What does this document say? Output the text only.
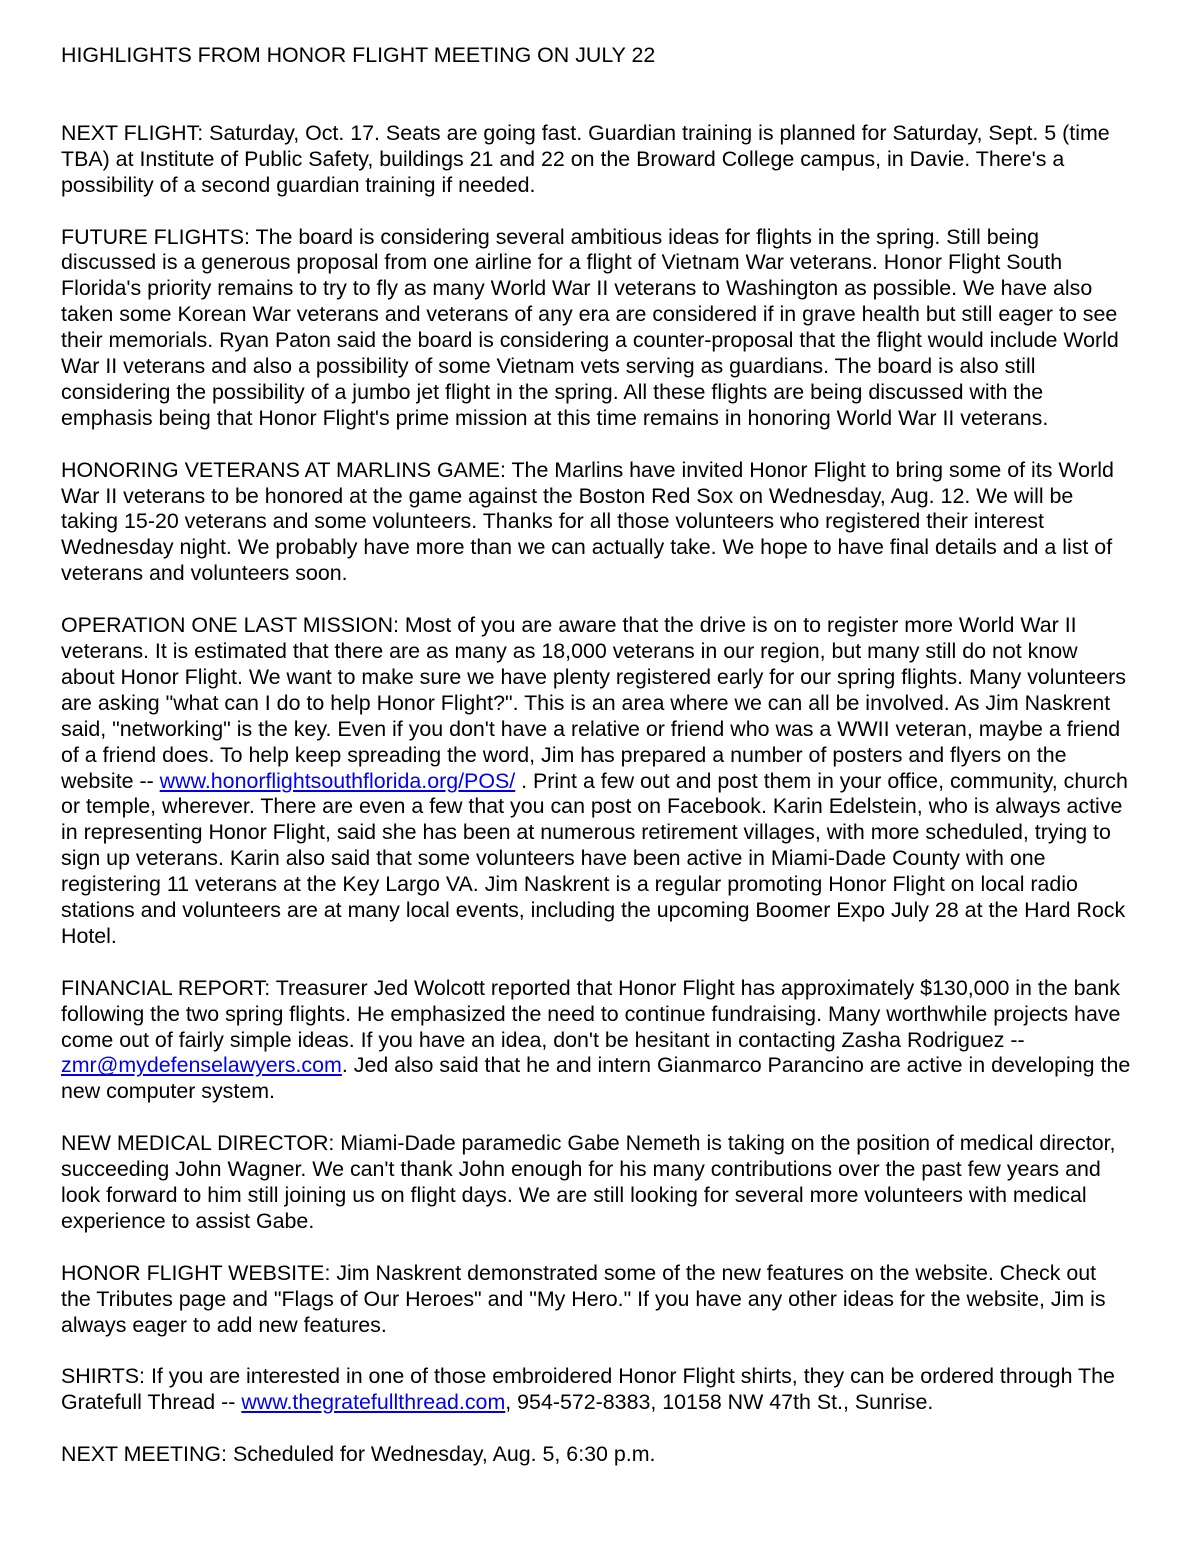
HIGHLIGHTS FROM HONOR FLIGHT MEETING ON JULY 22

NEXT FLIGHT: Saturday, Oct. 17. Seats are going fast. Guardian training is planned for Saturday, Sept. 5 (time TBA) at Institute of Public Safety, buildings 21 and 22 on the Broward College campus, in Davie. There's a possibility of a second guardian training if needed.

FUTURE FLIGHTS: The board is considering several ambitious ideas for flights in the spring. Still being discussed is a generous proposal from one airline for a flight of Vietnam War veterans. Honor Flight South Florida's priority remains to try to fly as many World War II veterans to Washington as possible. We have also taken some Korean War veterans and veterans of any era are considered if in grave health but still eager to see their memorials. Ryan Paton said the board is considering a counter-proposal that the flight would include World War II veterans and also a possibility of some Vietnam vets serving as guardians. The board is also still considering the possibility of a jumbo jet flight in the spring. All these flights are being discussed with the emphasis being that Honor Flight's prime mission at this time remains in honoring World War II veterans.

HONORING VETERANS AT MARLINS GAME: The Marlins have invited Honor Flight to bring some of its World War II veterans to be honored at the game against the Boston Red Sox on Wednesday, Aug. 12. We will be taking 15-20 veterans and some volunteers. Thanks for all those volunteers who registered their interest Wednesday night. We probably have more than we can actually take. We hope to have final details and a list of veterans and volunteers soon.

OPERATION ONE LAST MISSION: Most of you are aware that the drive is on to register more World War II veterans. It is estimated that there are as many as 18,000 veterans in our region, but many still do not know about Honor Flight. We want to make sure we have plenty registered early for our spring flights. Many volunteers are asking "what can I do to help Honor Flight?". This is an area where we can all be involved. As Jim Naskrent said, "networking" is the key. Even if you don't have a relative or friend who was a WWII veteran, maybe a friend of a friend does. To help keep spreading the word, Jim has prepared a number of posters and flyers on the website -- www.honorflightsouthflorida.org/POS/ . Print a few out and post them in your office, community, church or temple, wherever. There are even a few that you can post on Facebook. Karin Edelstein, who is always active in representing Honor Flight, said she has been at numerous retirement villages, with more scheduled, trying to sign up veterans. Karin also said that some volunteers have been active in Miami-Dade County with one registering 11 veterans at the Key Largo VA. Jim Naskrent is a regular promoting Honor Flight on local radio stations and volunteers are at many local events, including the upcoming Boomer Expo July 28 at the Hard Rock Hotel.

FINANCIAL REPORT: Treasurer Jed Wolcott reported that Honor Flight has approximately $130,000 in the bank following the two spring flights. He emphasized the need to continue fundraising. Many worthwhile projects have come out of fairly simple ideas. If you have an idea, don't be hesitant in contacting Zasha Rodriguez -- zmr@mydefenselawyers.com. Jed also said that he and intern Gianmarco Parancino are active in developing the new computer system.

NEW MEDICAL DIRECTOR: Miami-Dade paramedic Gabe Nemeth is taking on the position of medical director, succeeding John Wagner. We can't thank John enough for his many contributions over the past few years and look forward to him still joining us on flight days. We are still looking for several more volunteers with medical experience to assist Gabe.

HONOR FLIGHT WEBSITE: Jim Naskrent demonstrated some of the new features on the website. Check out the Tributes page and "Flags of Our Heroes" and "My Hero." If you have any other ideas for the website, Jim is always eager to add new features.

SHIRTS: If you are interested in one of those embroidered Honor Flight shirts, they can be ordered through The Gratefull Thread -- www.thegratefullthread.com, 954-572-8383, 10158 NW 47th St., Sunrise.

NEXT MEETING: Scheduled for Wednesday, Aug. 5, 6:30 p.m.
